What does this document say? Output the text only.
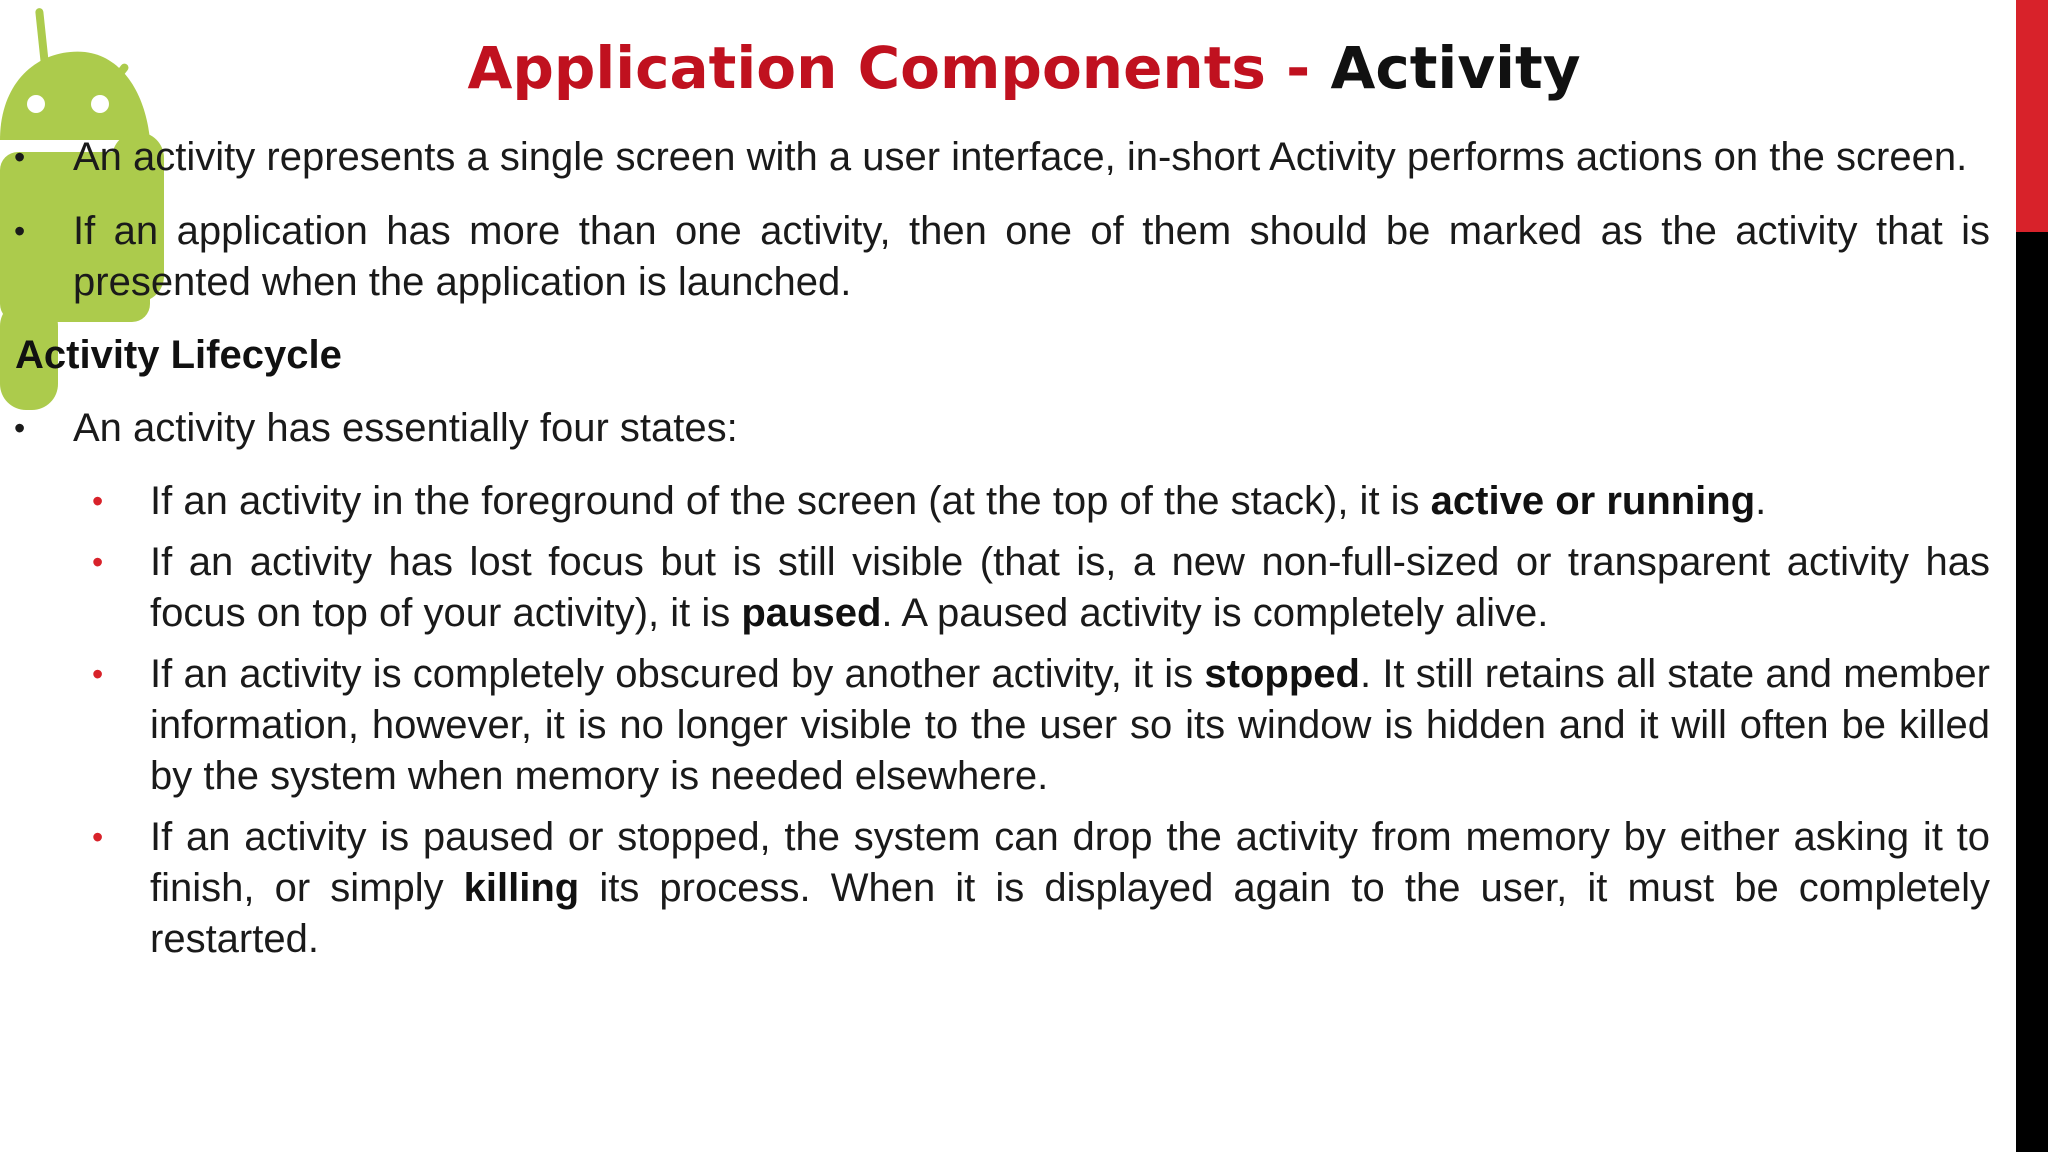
Application Components - Activity
• An activity represents a single screen with a user interface, in-short Activity performs actions on the screen.
• If an application has more than one activity, then one of them should be marked as the activity that is presented when the application is launched.
Activity Lifecycle
• An activity has essentially four states:
• If an activity in the foreground of the screen (at the top of the stack), it is active or running.
• If an activity has lost focus but is still visible (that is, a new non-full-sized or transparent activity has focus on top of your activity), it is paused. A paused activity is completely alive.
• If an activity is completely obscured by another activity, it is stopped. It still retains all state and member information, however, it is no longer visible to the user so its window is hidden and it will often be killed by the system when memory is needed elsewhere.
• If an activity is paused or stopped, the system can drop the activity from memory by either asking it to finish, or simply killing its process. When it is displayed again to the user, it must be completely restarted.
